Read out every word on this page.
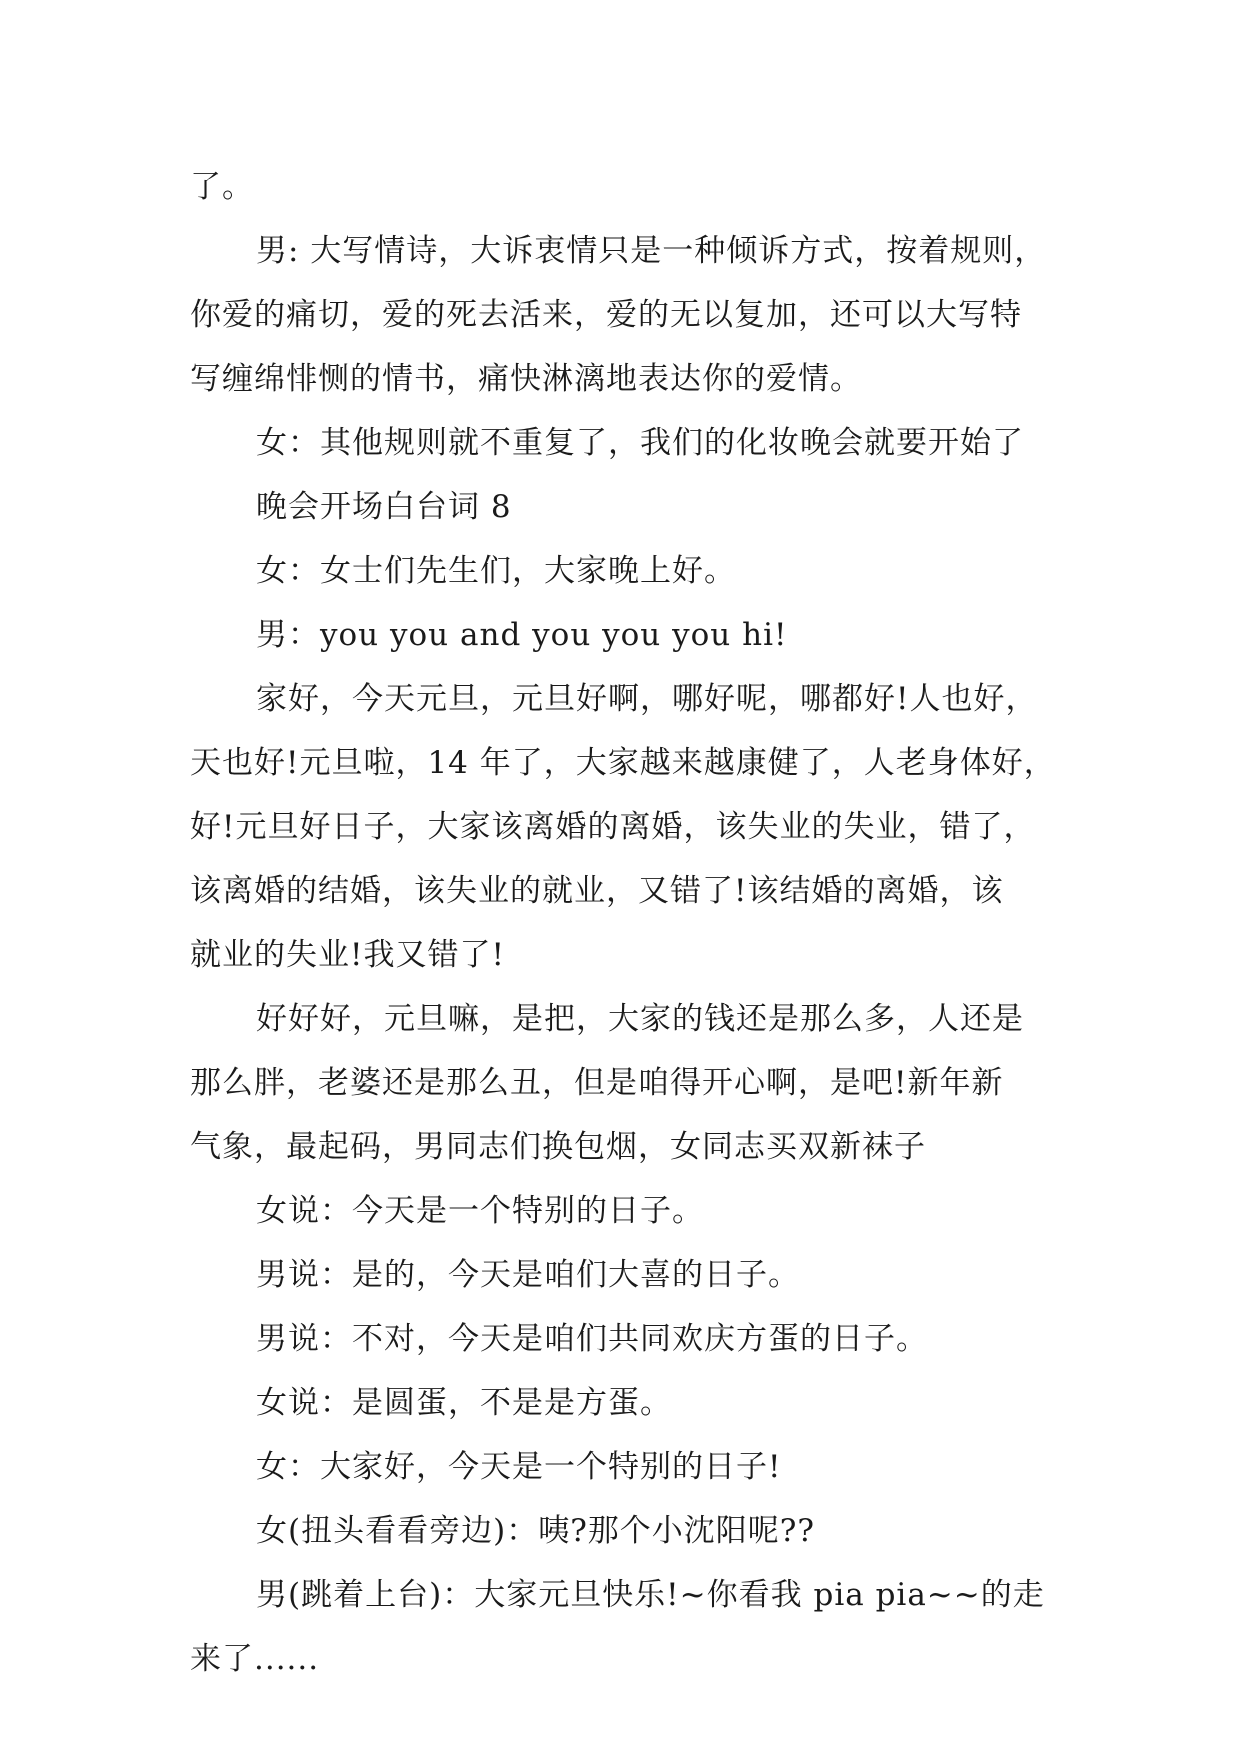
了。
男: 大写情诗，大诉衷情只是一种倾诉方式，按着规则，
你爱的痛切，爱的死去活来，爱的无以复加，还可以大写特
写缠绵悱恻的情书，痛快淋漓地表达你的爱情。
女：其他规则就不重复了，我们的化妆晚会就要开始了
晚会开场白台词 8
女：女士们先生们，大家晚上好。
男：you you and you you you hi!
家好，今天元旦，元旦好啊，哪好呢，哪都好!人也好，
天也好!元旦啦，14 年了，大家越来越康健了，人老身体好，
好!元旦好日子，大家该离婚的离婚，该失业的失业，错了，
该离婚的结婚，该失业的就业，又错了!该结婚的离婚，该
就业的失业!我又错了!
好好好，元旦嘛，是把，大家的钱还是那么多，人还是
那么胖，老婆还是那么丑，但是咱得开心啊，是吧!新年新
气象，最起码，男同志们换包烟，女同志买双新袜子
女说：今天是一个特别的日子。
男说：是的，今天是咱们大喜的日子。
男说：不对，今天是咱们共同欢庆方蛋的日子。
女说：是圆蛋，不是是方蛋。
女：大家好，今天是一个特别的日子!
女(扭头看看旁边)：咦?那个小沈阳呢??
男(跳着上台)：大家元旦快乐!~你看我 pia pia~~的走
来了......
